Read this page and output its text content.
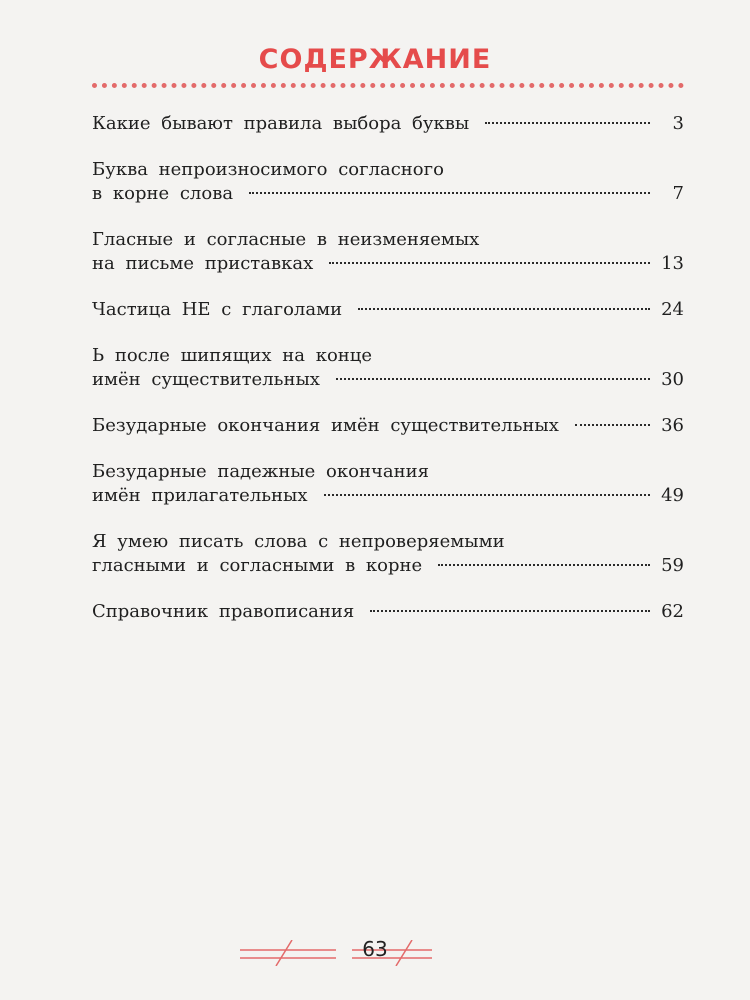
СОДЕРЖАНИЕ
Какие бывают правила выбора буквы	3
Буква непроизносимого согласного
в корне слова	7
Гласные и согласные в неизменяемых
на письме приставках	13
Частица НЕ с глаголами	24
Ь после шипящих на конце
имён существительных	30
Безударные окончания имён существительных	36
Безударные падежные окончания
имён прилагательных	49
Я умею писать слова с непроверяемыми
гласными и согласными в корне	59
Справочник правописания	62
63
